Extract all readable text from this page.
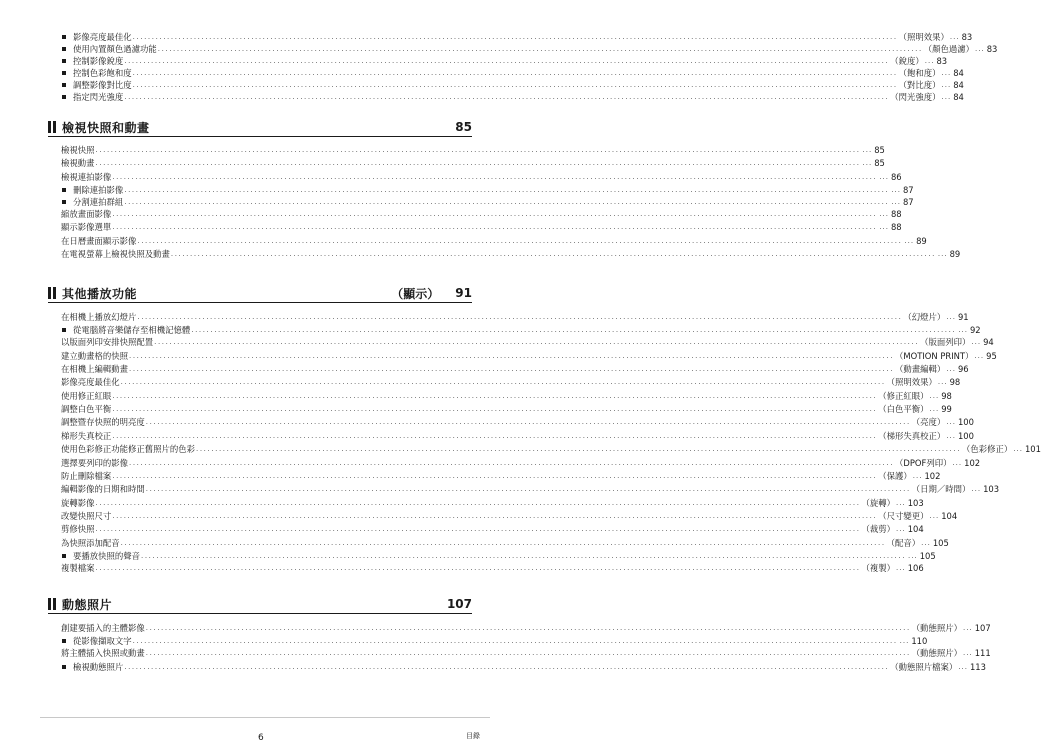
影像亮度最佳化 ........................................................................................................................................................................................................ （照明效果） ... 83
使用內置顏色過濾功能 ........................................................................................................................................................................................................ （顏色過濾） ... 83
控制影像銳度 ........................................................................................................................................................................................................ （銳度） ... 83
控制色彩飽和度 ........................................................................................................................................................................................................ （飽和度） ... 84
調整影像對比度 ........................................................................................................................................................................................................ （對比度） ... 84
指定閃光強度 ........................................................................................................................................................................................................ （閃光強度） ... 84
檢視快照和動畫	85
檢視快照 ........................................................................................................................................................................................................ ... 85
檢視動畫 ........................................................................................................................................................................................................ ... 85
檢視連拍影像 ........................................................................................................................................................................................................ ... 86
刪除連拍影像 ........................................................................................................................................................................................................ ... 87
分割連拍群組 ........................................................................................................................................................................................................ ... 87
縮放畫面影像 ........................................................................................................................................................................................................ ... 88
顯示影像選單 ........................................................................................................................................................................................................ ... 88
在日曆畫面顯示影像 ........................................................................................................................................................................................................ ... 89
在電視螢幕上檢視快照及動畫 ........................................................................................................................................................................................................ ... 89
其他播放功能	（顯示） 91
在相機上播放幻燈片 ........................................................................................................................................................................................................ （幻燈片） ... 91
從電腦將音樂儲存至相機記憶體 ........................................................................................................................................................................................................ ... 92
以版面列印安排快照配置 ........................................................................................................................................................................................................ （版面列印） ... 94
建立動畫格的快照 ........................................................................................................................................................................................................ （MOTION PRINT） ... 95
在相機上編輯動畫 ........................................................................................................................................................................................................ （動畫編輯） ... 96
影像亮度最佳化 ........................................................................................................................................................................................................ （照明效果） ... 98
使用修正紅眼 ........................................................................................................................................................................................................ （修正紅眼） ... 98
調整白色平衡 ........................................................................................................................................................................................................ （白色平衡） ... 99
調整暨存快照的明亮度 ........................................................................................................................................................................................................ （亮度） ... 100
梯形失真校正 ........................................................................................................................................................................................................ （梯形失真校正） ... 100
使用色彩修正功能修正舊照片的色彩 ........................................................................................................................................................................................................ （色彩修正） ... 101
選擇要列印的影像 ........................................................................................................................................................................................................ （DPOF列印） ... 102
防止刪除檔案 ........................................................................................................................................................................................................ （保護） ... 102
編輯影像的日期和時間 ........................................................................................................................................................................................................ （日期／時間） ... 103
旋轉影像 ........................................................................................................................................................................................................ （旋轉） ... 103
改變快照尺寸 ........................................................................................................................................................................................................ （尺寸變更） ... 104
剪修快照 ........................................................................................................................................................................................................ （裁剪） ... 104
為快照添加配音 ........................................................................................................................................................................................................ （配音） ... 105
要播放快照的聲音 ........................................................................................................................................................................................................ ... 105
複製檔案 ........................................................................................................................................................................................................ （複製） ... 106
動態照片	107
創建要插入的主體影像 ........................................................................................................................................................................................................ （動態照片） ... 107
從影像擷取文字 ........................................................................................................................................................................................................ ... 110
將主體插入快照或動畫 ........................................................................................................................................................................................................ （動態照片） ... 111
檢視動態照片 ........................................................................................................................................................................................................ （動態照片檔案） ... 113
6	目錄
